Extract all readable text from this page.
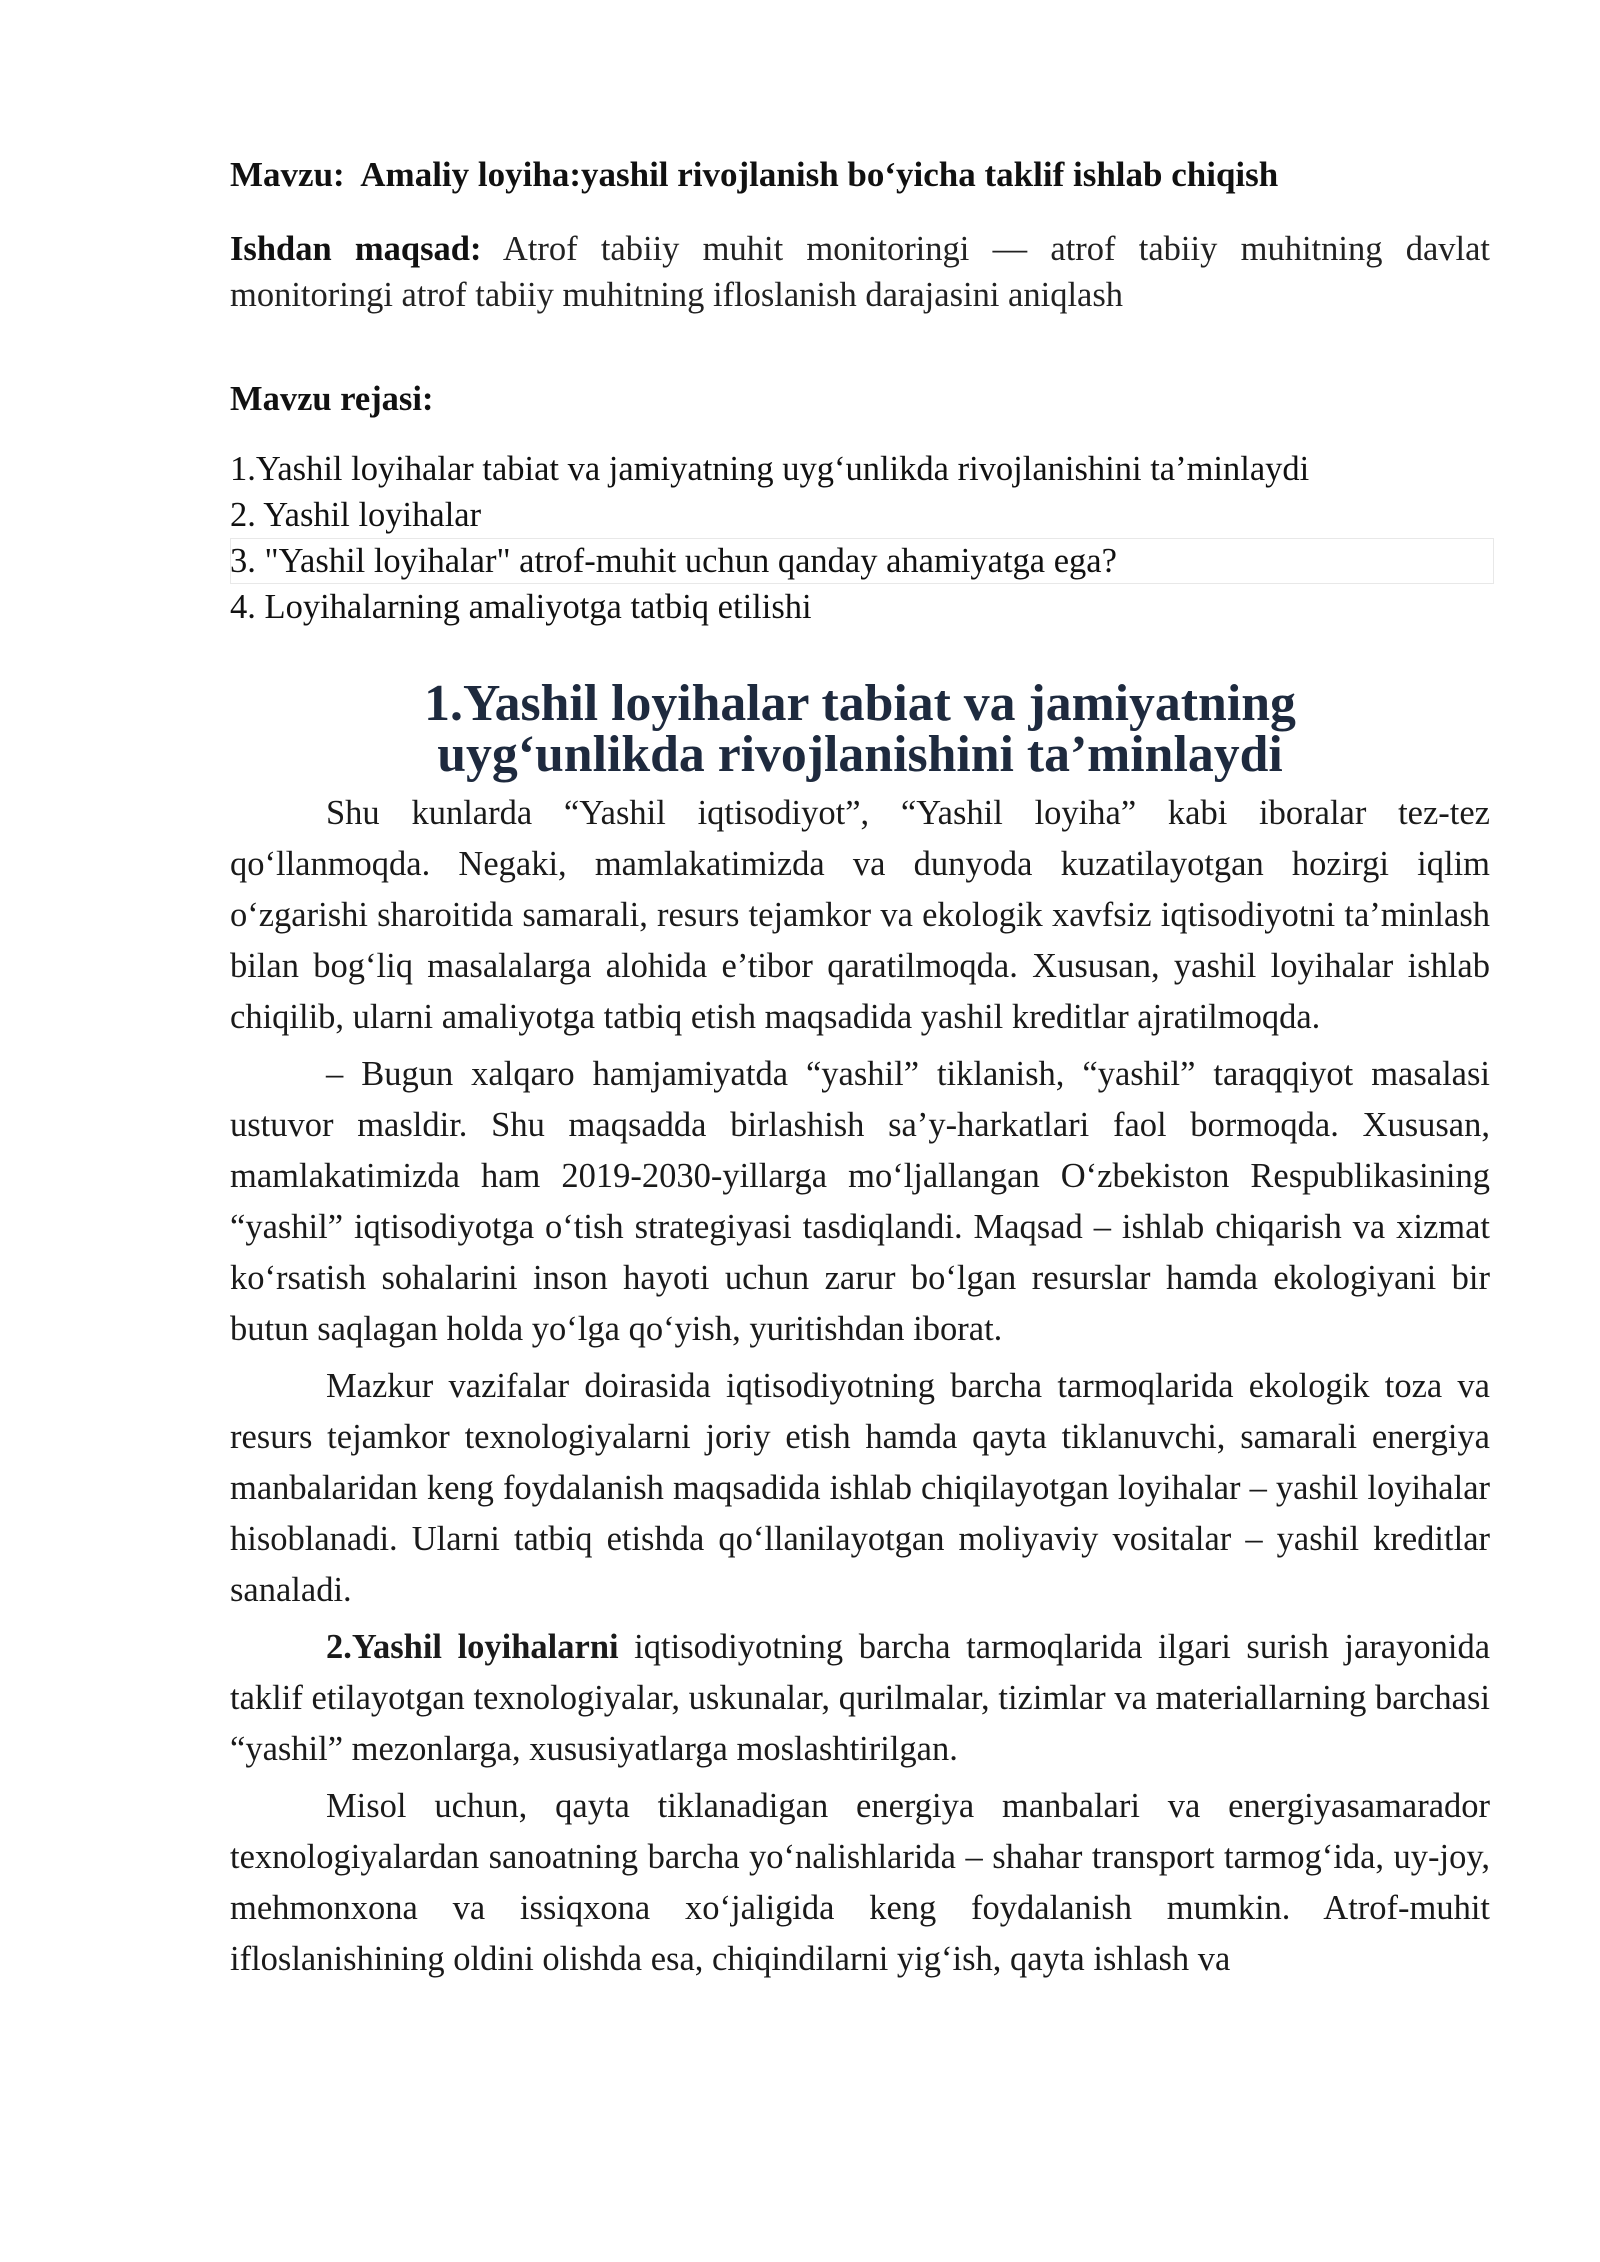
Mavzu: Amaliy loyiha:yashil rivojlanish bo‘yicha taklif ishlab chiqish

Ishdan maqsad: Atrof tabiiy muhit monitoringi — atrof tabiiy muhitning davlat monitoringi atrof tabiiy muhitning ifloslanish darajasini aniqlash

Mavzu rejasi:

1.Yashil loyihalar tabiat va jamiyatning uyg‘unlikda rivojlanishini ta’minlaydi
2. Yashil loyihalar
3. "Yashil loyihalar" atrof-muhit uchun qanday ahamiyatga ega?
4. Loyihalarning amaliyotga tatbiq etilishi
1.Yashil loyihalar tabiat va jamiyatning uyg‘unlikda rivojlanishini ta’minlaydi

Shu kunlarda “Yashil iqtisodiyot”, “Yashil loyiha” kabi iboralar tez-tez qo‘llanmoqda. Negaki, mamlakatimizda va dunyoda kuzatilayotgan hozirgi iqlim o‘zgarishi sharoitida samarali, resurs tejamkor va ekologik xavfsiz iqtisodiyotni ta’minlash bilan bog‘liq masalalarga alohida e’tibor qaratilmoqda. Xususan, yashil loyihalar ishlab chiqilib, ularni amaliyotga tatbiq etish maqsadida yashil kreditlar ajratilmoqda.

– Bugun xalqaro hamjamiyatda “yashil” tiklanish, “yashil” taraqqiyot masalasi ustuvor masldir. Shu maqsadda birlashish sa’y-harkatlari faol bormoqda. Xususan, mamlakatimizda ham 2019-2030-yillarga mo‘ljallangan O‘zbekiston Respublikasining “yashil” iqtisodiyotga o‘tish strategiyasi tasdiqlandi. Maqsad – ishlab chiqarish va xizmat ko‘rsatish sohalarini inson hayoti uchun zarur bo‘lgan resurslar hamda ekologiyani bir butun saqlagan holda yo‘lga qo‘yish, yuritishdan iborat.

Mazkur vazifalar doirasida iqtisodiyotning barcha tarmoqlarida ekologik toza va resurs tejamkor texnologiyalarni joriy etish hamda qayta tiklanuvchi, samarali energiya manbalaridan keng foydalanish maqsadida ishlab chiqilayotgan loyihalar – yashil loyihalar hisoblanadi. Ularni tatbiq etishda qo‘llanilayotgan moliyaviy vositalar – yashil kreditlar sanaladi.

2.Yashil loyihalarni iqtisodiyotning barcha tarmoqlarida ilgari surish jarayonida taklif etilayotgan texnologiyalar, uskunalar, qurilmalar, tizimlar va materiallarning barchasi “yashil” mezonlarga, xususiyatlarga moslashtirilgan.

Misol uchun, qayta tiklanadigan energiya manbalari va energiyasamarador texnologiyalardan sanoatning barcha yo‘nalishlarida – shahar transport tarmog‘ida, uy-joy, mehmonxona va issiqxona xo‘jaligida keng foydalanish mumkin. Atrof-muhit ifloslanishining oldini olishda esa, chiqindilarni yig‘ish, qayta ishlash va
